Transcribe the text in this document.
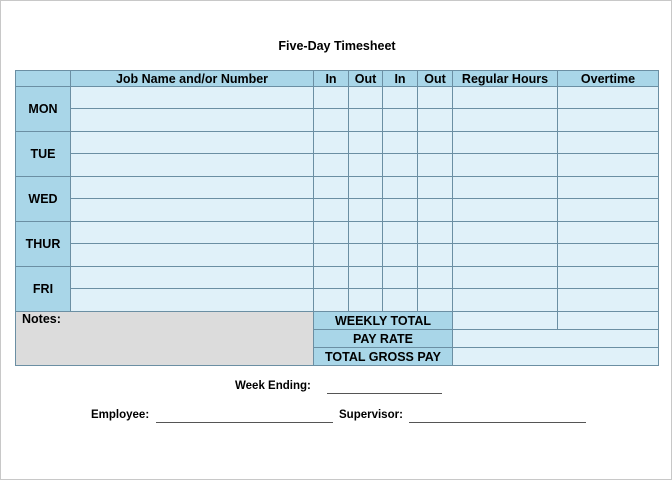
Five-Day Timesheet
	Job Name and/or Number	In	Out	In	Out	Regular Hours	Overtime
MON							

TUE							

WED							

THUR							

FRI							

Notes:		WEEKLY TOTAL					
		PAY RATE					
		TOTAL GROSS PAY					
Week Ending:
Employee:	Supervisor:
